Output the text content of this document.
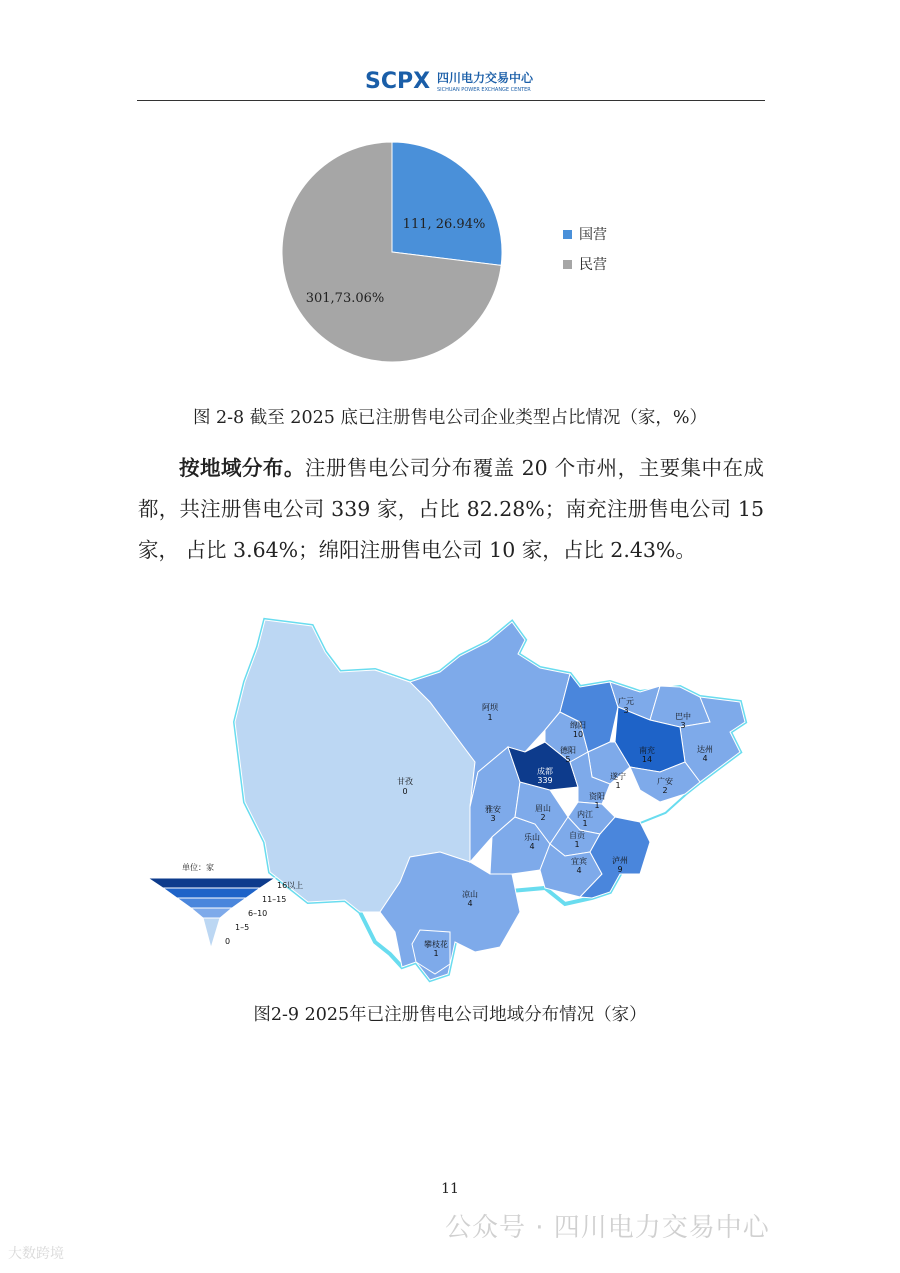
SCPX 四川电力交易中心
SICHUAN POWER EXCHANGE CENTER
111, 26.94%
301,73.06%
国营
民营
图 2-8 截至 2025 底已注册售电公司企业类型占比情况（家，%）
按地域分布。注册售电公司分布覆盖 20 个市州，主要集中在成都，共注册售电公司 339 家，占比 82.28%；南充注册售电公司 15 家， 占比 3.64%；绵阳注册售电公司 10 家，占比 2.43%。
阿坝
1
甘孜
0
绵阳
10
广元
3
巴中
3
南充
14
达州
4
德阳
5
成都
339	遂宁
1	广安
2
雅安
3
眉山
2
资阳
1
内江
1
乐山
4
自贡
1
宜宾
4
泸州
9
凉山
4
攀枝花
1
单位：家
16以上
11–15
6–10
1–5
0
图2-9 2025年已注册售电公司地域分布情况（家）
11
公众号 · 四川电力交易中心
大数跨境
